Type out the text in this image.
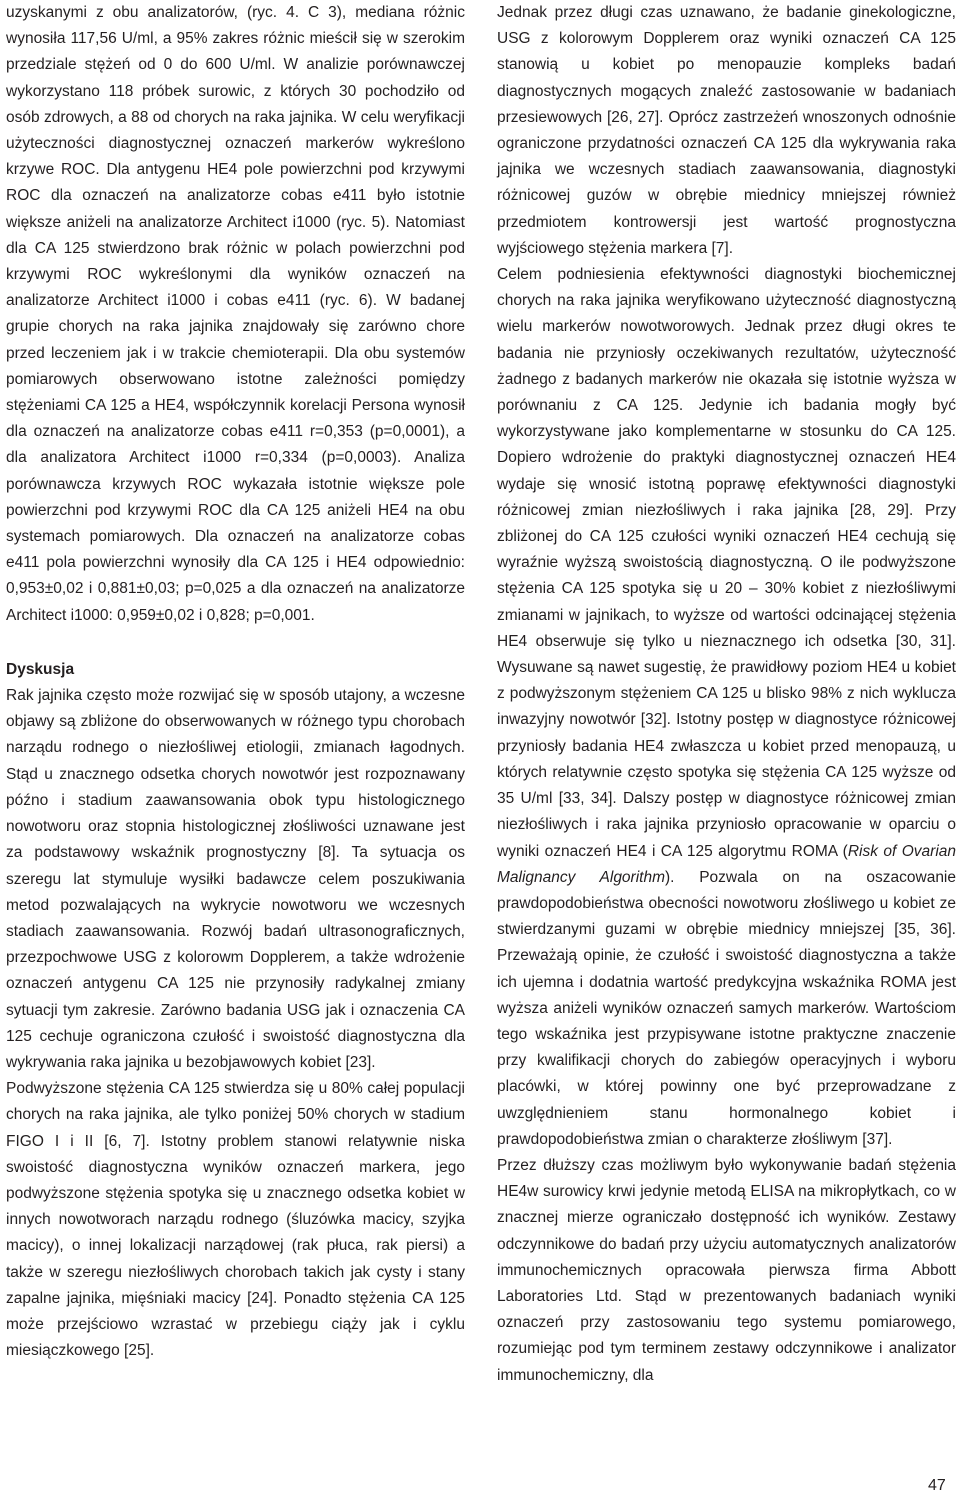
uzyskanymi z obu analizatorów, (ryc. 4. C 3), mediana różnic wynosiła 117,56 U/ml, a 95% zakres różnic mieścił się w szerokim przedziale stężeń od 0 do 600 U/ml. W analizie porównawczej wykorzystano 118 próbek surowic, z których 30 pochodziło od osób zdrowych, a 88 od chorych na raka jajnika. W celu weryfikacji użyteczności diagnostycznej oznaczeń markerów wykreślono krzywe ROC. Dla antygenu HE4 pole powierzchni pod krzywymi ROC dla oznaczeń na analizatorze cobas e411 było istotnie większe aniżeli na analizatorze Architect i1000 (ryc. 5). Natomiast dla CA 125 stwierdzono brak różnic w polach powierzchni pod krzywymi ROC wykreślonymi dla wyników oznaczeń na analizatorze Architect i1000 i cobas e411 (ryc. 6). W badanej grupie chorych na raka jajnika znajdowały się zarówno chore przed leczeniem jak i w trakcie chemioterapii. Dla obu systemów pomiarowych obserwowano istotne zależności pomiędzy stężeniami CA 125 a HE4, współczynnik korelacji Persona wynosił dla oznaczeń na analizatorze cobas e411 r=0,353 (p=0,0001), a dla analizatora Architect i1000 r=0,334 (p=0,0003). Analiza porównawcza krzywych ROC wykazała istotnie większe pole powierzchni pod krzywymi ROC dla CA 125 aniżeli HE4 na obu systemach pomiarowych. Dla oznaczeń na analizatorze cobas e411 pola powierzchni wynosiły dla CA 125 i HE4 odpowiednio: 0,953±0,02 i 0,881±0,03; p=0,025 a dla oznaczeń na analizatorze Architect i1000: 0,959±0,02 i 0,828; p=0,001.

Dyskusja

Rak jajnika często może rozwijać się w sposób utajony, a wczesne objawy są zbliżone do obserwowanych w różnego typu chorobach narządu rodnego o niezłośliwej etiologii, zmianach łagodnych. Stąd u znacznego odsetka chorych nowotwór jest rozpoznawany późno i stadium zaawansowania obok typu histologicznego nowotworu oraz stopnia histologicznej złośliwości uznawane jest za podstawowy wskaźnik prognostyczny [8]. Ta sytuacja os szeregu lat stymuluje wysiłki badawcze celem poszukiwania metod pozwalających na wykrycie nowotworu we wczesnych stadiach zaawansowania. Rozwój badań ultrasonograficznych, przezpochwowe USG z kolorowm Dopplerem, a także wdrożenie oznaczeń antygenu CA 125 nie przynosiły radykalnej zmiany sytuacji tym zakresie. Zarówno badania USG jak i oznaczenia CA 125 cechuje ograniczona czułość i swoistość diagnostyczna dla wykrywania raka jajnika u bezobjawowych kobiet [23].

Podwyższone stężenia CA 125 stwierdza się u 80% całej populacji chorych na raka jajnika, ale tylko poniżej 50% chorych w stadium FIGO I i II [6, 7]. Istotny problem stanowi relatywnie niska swoistość diagnostyczna wyników oznaczeń markera, jego podwyższone stężenia spotyka się u znacznego odsetka kobiet w innych nowotworach narządu rodnego (śluzówka macicy, szyjka macicy), o innej lokalizacji narządowej (rak płuca, rak piersi) a także w szeregu niezłośliwych chorobach takich jak cysty i stany zapalne jajnika, mięśniaki macicy [24]. Ponadto stężenia CA 125 może przejściowo wzrastać w przebiegu ciąży jak i cyklu miesiączkowego [25].

Jednak przez długi czas uznawano, że badanie ginekologiczne, USG z kolorowym Dopplerem oraz wyniki oznaczeń CA 125 stanowią u kobiet po menopauzie kompleks badań diagnostycznych mogących znaleźć zastosowanie w badaniach przesiewowych [26, 27]. Oprócz zastrzeżeń wnoszonych odnośnie ograniczone przydatności oznaczeń CA 125 dla wykrywania raka jajnika we wczesnych stadiach zaawansowania, diagnostyki różnicowej guzów w obrębie miednicy mniejszej również przedmiotem kontrowersji jest wartość prognostyczna wyjściowego stężenia markera [7].

Celem podniesienia efektywności diagnostyki biochemicznej chorych na raka jajnika weryfikowano użyteczność diagnostyczną wielu markerów nowotworowych. Jednak przez długi okres te badania nie przyniosły oczekiwanych rezultatów, użyteczność żadnego z badanych markerów nie okazała się istotnie wyższa w porównaniu z CA 125. Jedynie ich badania mogły być wykorzystywane jako komplementarne w stosunku do CA 125. Dopiero wdrożenie do praktyki diagnostycznej oznaczeń HE4 wydaje się wnosić istotną poprawę efektywności diagnostyki różnicowej zmian niezłośliwych i raka jajnika [28, 29]. Przy zbliżonej do CA 125 czułości wyniki oznaczeń HE4 cechują się wyraźnie wyższą swoistością diagnostyczną. O ile podwyższone stężenia CA 125 spotyka się u 20 – 30% kobiet z niezłośliwymi zmianami w jajnikach, to wyższe od wartości odcinającej stężenia HE4 obserwuje się tylko u nieznacznego ich odsetka [30, 31]. Wysuwane są nawet sugestię, że prawidłowy poziom HE4 u kobiet z podwyższonym stężeniem CA 125 u blisko 98% z nich wyklucza inwazyjny nowotwór [32]. Istotny postęp w diagnostyce różnicowej przyniosły badania HE4 zwłaszcza u kobiet przed menopauzą, u których relatywnie często spotyka się stężenia CA 125 wyższe od 35 U/ml [33, 34]. Dalszy postęp w diagnostyce różnicowej zmian niezłośliwych i raka jajnika przyniosło opracowanie w oparciu o wyniki oznaczeń HE4 i CA 125 algorytmu ROMA (Risk of Ovarian Malignancy Algorithm). Pozwala on na oszacowanie prawdopodobieństwa obecności nowotworu złośliwego u kobiet ze stwierdzanymi guzami w obrębie miednicy mniejszej [35, 36]. Przeważają opinie, że czułość i swoistość diagnostyczna a także ich ujemna i dodatnia wartość predykcyjna wskaźnika ROMA jest wyższa aniżeli wyników oznaczeń samych markerów. Wartościom tego wskaźnika jest przypisywane istotne praktyczne znaczenie przy kwalifikacji chorych do zabiegów operacyjnych i wyboru placówki, w której powinny one być przeprowadzane z uwzględnieniem stanu hormonalnego kobiet i prawdopodobieństwa zmian o charakterze złośliwym [37].

Przez dłuższy czas możliwym było wykonywanie badań stężenia HE4w surowicy krwi jedynie metodą ELISA na mikropłytkach, co w znacznej mierze ograniczało dostępność ich wyników. Zestawy odczynnikowe do badań przy użyciu automatycznych analizatorów immunochemicznych opracowała pierwsza firma Abbott Laboratories Ltd. Stąd w prezentowanych badaniach wyniki oznaczeń przy zastosowaniu tego systemu pomiarowego, rozumiejąc pod tym terminem zestawy odczynnikowe i analizator immunochemiczny, dla

47
